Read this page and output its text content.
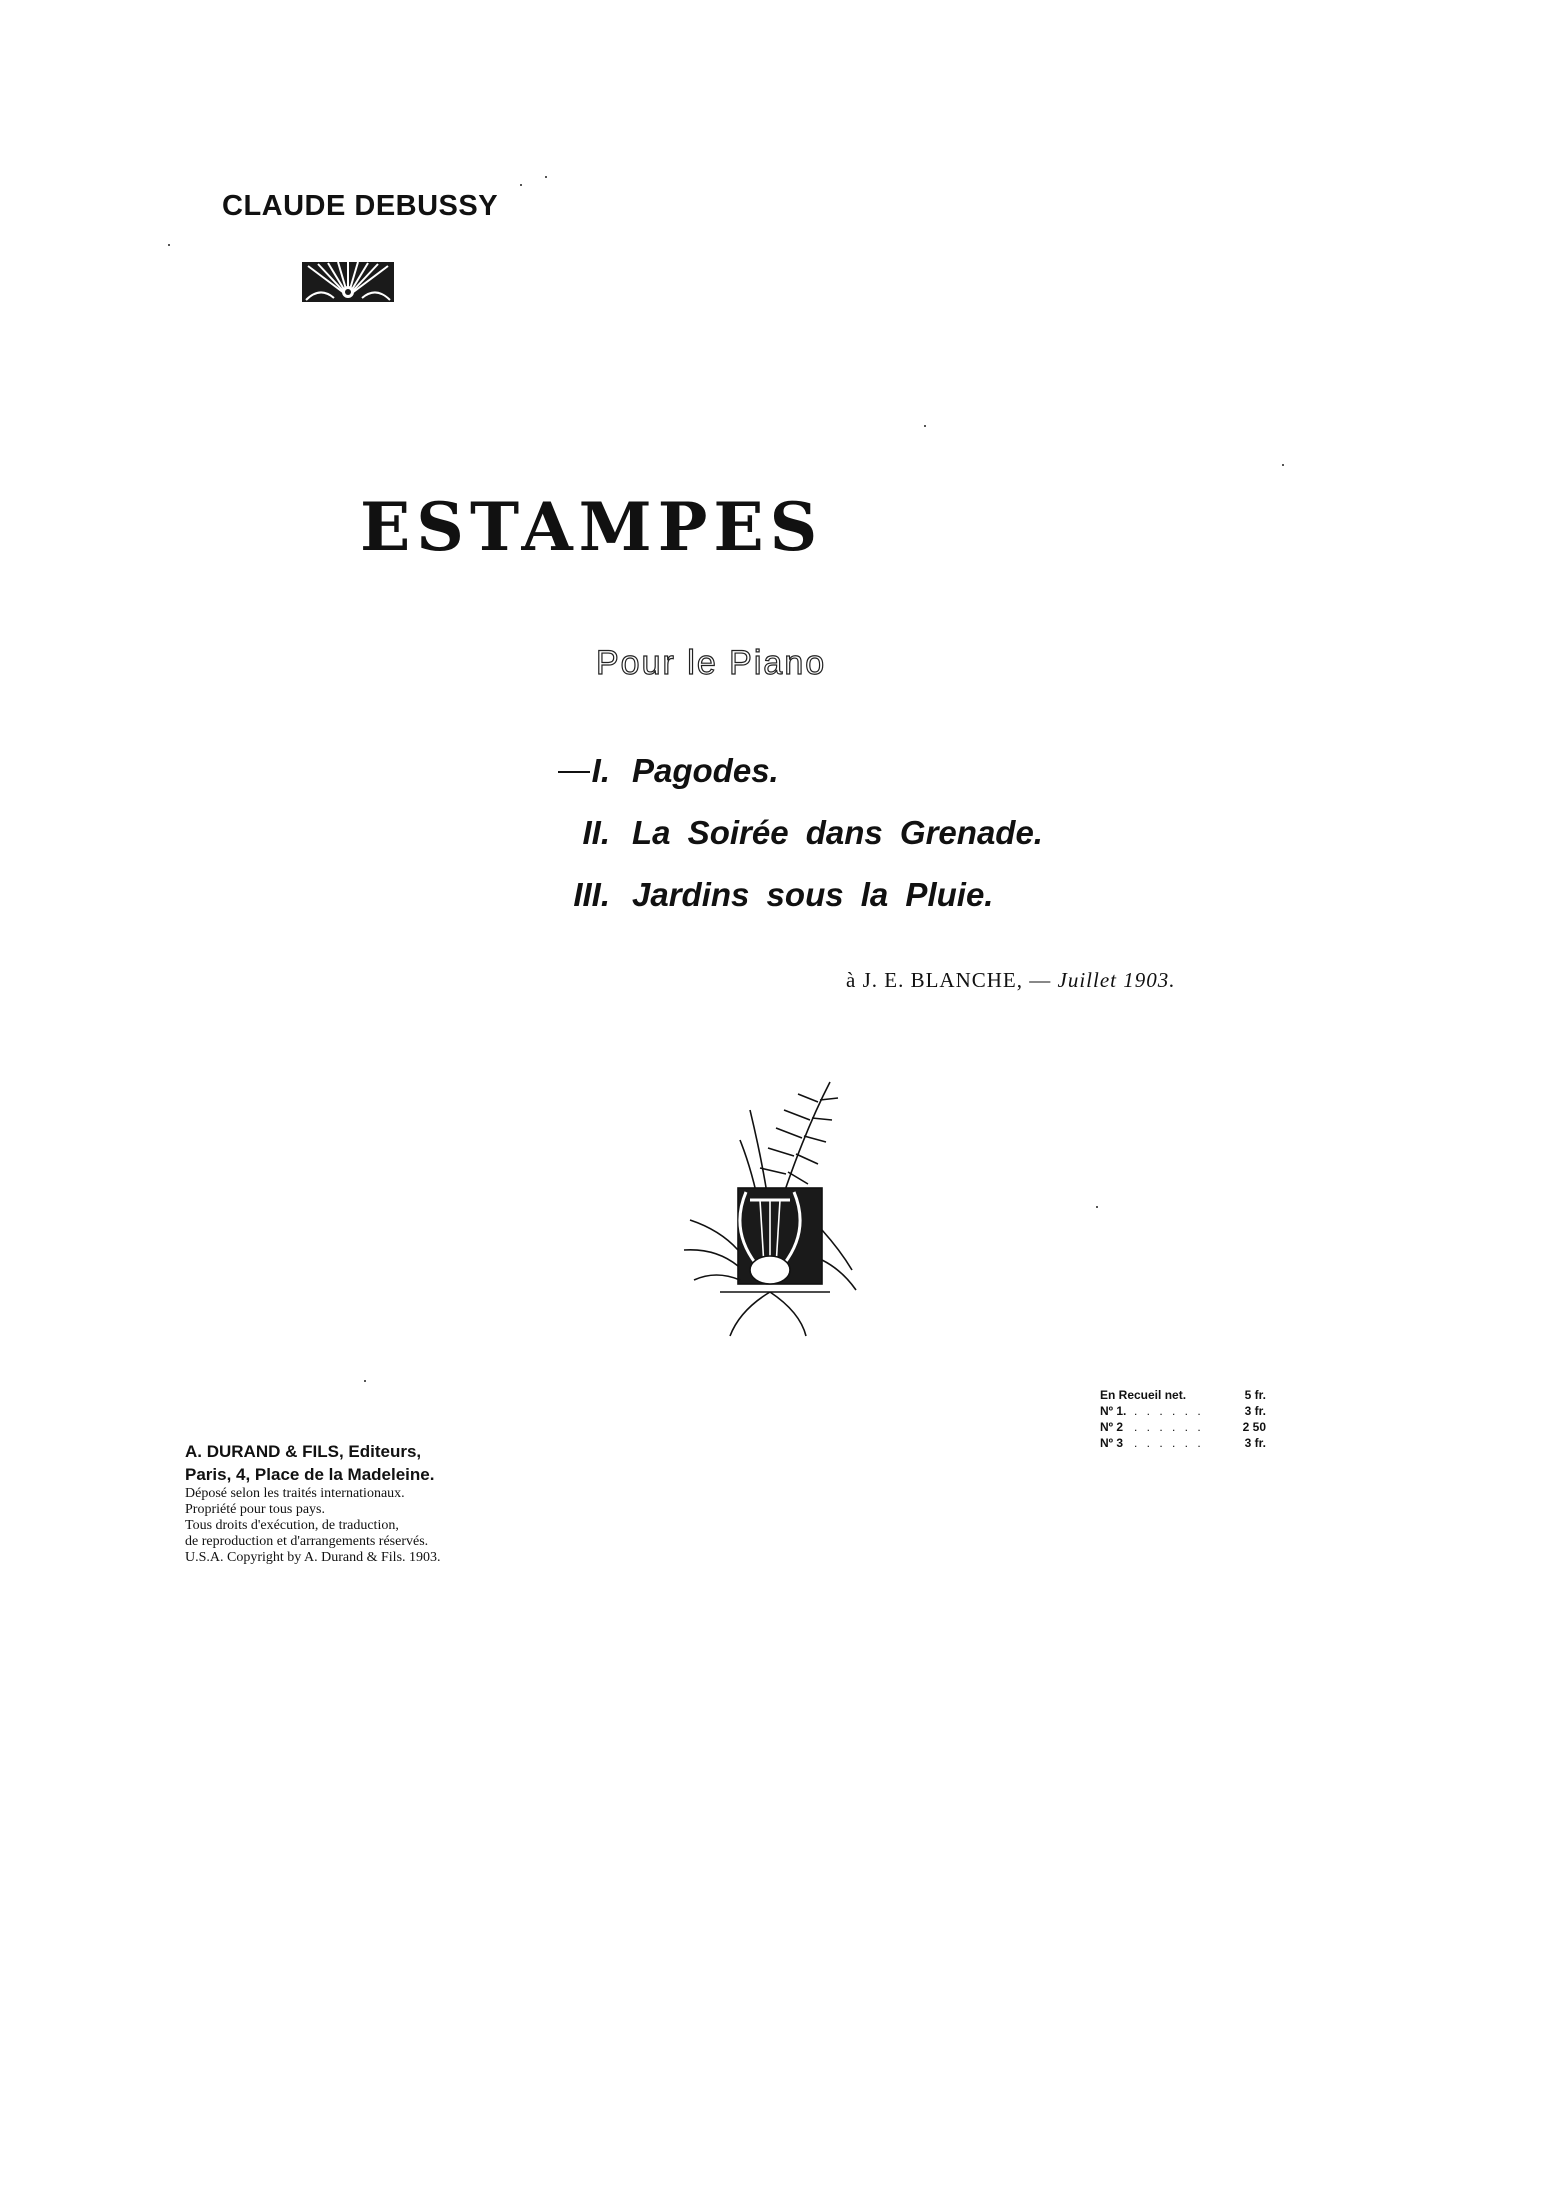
CLAUDE DEBUSSY
ESTAMPES
Pour le Piano
I. Pagodes.
II. La Soirée dans Grenade.
III. Jardins sous la Pluie.
à J. E. BLANCHE, — Juillet 1903.
En Recueil net.	5 fr.
Nº 1. . . . . . .	3 fr.
Nº 2 . . . . . .	2 50
Nº 3 . . . . . .	3 fr.
A. DURAND & FILS, Editeurs,
Paris, 4, Place de la Madeleine.
Déposé selon les traités internationaux.
Propriété pour tous pays.
Tous droits d'exécution, de traduction,
de reproduction et d'arrangements réservés.
U.S.A. Copyright by A. Durand & Fils. 1903.
